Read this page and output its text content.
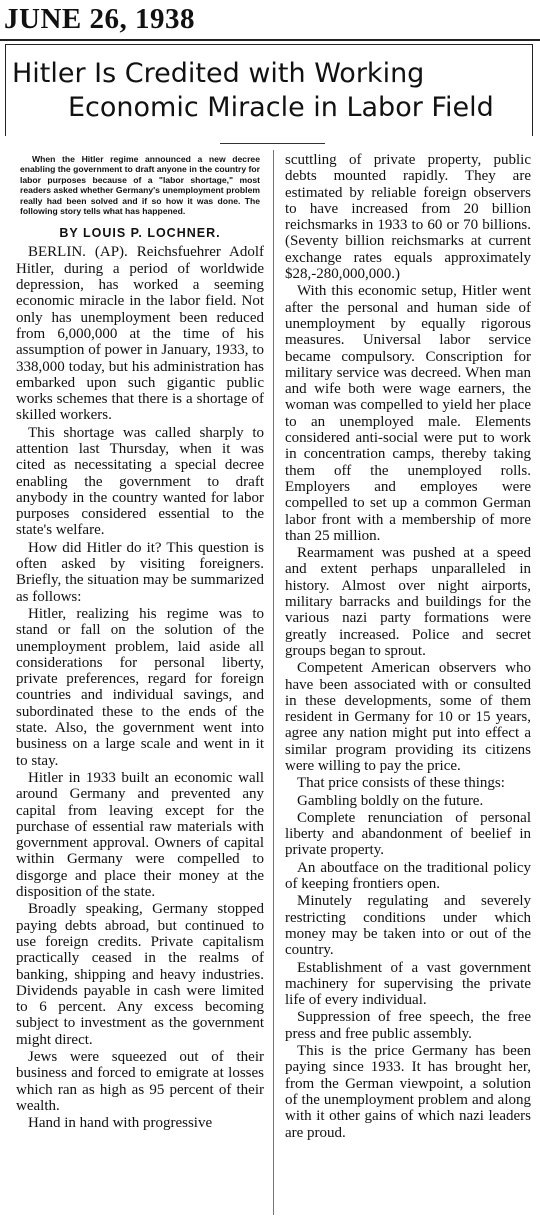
JUNE 26, 1938
Hitler Is Credited with Working
Economic Miracle in Labor Field
When the Hitler regime announced a new decree enabling the government to draft anyone in the country for labor purposes because of a "labor shortage," most readers asked whether Germany's unemployment problem really had been solved and if so how it was done. The following story tells what has happened.
BY LOUIS P. LOCHNER.

BERLIN. (AP). Reichsfuehrer Adolf Hitler, during a period of worldwide depression, has worked a seeming economic miracle in the labor field. Not only has unemployment been reduced from 6,000,000 at the time of his assumption of power in January, 1933, to 338,000 today, but his administration has embarked upon such gigantic public works schemes that there is a shortage of skilled workers.

This shortage was called sharply to attention last Thursday, when it was cited as necessitating a special decree enabling the government to draft anybody in the country wanted for labor purposes considered essential to the state's welfare.

How did Hitler do it? This question is often asked by visiting foreigners. Briefly, the situation may be summarized as follows:

Hitler, realizing his regime was to stand or fall on the solution of the unemployment problem, laid aside all considerations for personal liberty, private preferences, regard for foreign countries and individual savings, and subordinated these to the ends of the state. Also, the government went into business on a large scale and went in it to stay.

Hitler in 1933 built an economic wall around Germany and prevented any capital from leaving except for the purchase of essential raw materials with government approval. Owners of capital within Germany were compelled to disgorge and place their money at the disposition of the state.

Broadly speaking, Germany stopped paying debts abroad, but continued to use foreign credits. Private capitalism practically ceased in the realms of banking, shipping and heavy industries. Dividends payable in cash were limited to 6 percent. Any excess becoming subject to investment as the government might direct.

Jews were squeezed out of their business and forced to emigrate at losses which ran as high as 95 percent of their wealth.

Hand in hand with progressive

scuttling of private property, public debts mounted rapidly. They are estimated by reliable foreign observers to have increased from 20 billion reichsmarks in 1933 to 60 or 70 billions. (Seventy billion reichsmarks at current exchange rates equals approximately $28,-280,000,000.)

With this economic setup, Hitler went after the personal and human side of unemployment by equally rigorous measures. Universal labor service became compulsory. Conscription for military service was decreed. When man and wife both were wage earners, the woman was compelled to yield her place to an unemployed male. Elements considered anti-social were put to work in concentration camps, thereby taking them off the unemployed rolls. Employers and employes were compelled to set up a common German labor front with a membership of more than 25 million.

Rearmament was pushed at a speed and extent perhaps unparalleled in history. Almost over night airports, military barracks and buildings for the various nazi party formations were greatly increased. Police and secret groups began to sprout.

Competent American observers who have been associated with or consulted in these developments, some of them resident in Germany for 10 or 15 years, agree any nation might put into effect a similar program providing its citizens were willing to pay the price.

That price consists of these things:

Gambling boldly on the future.

Complete renunciation of personal liberty and abandonment of beelief in private property.

An aboutface on the traditional policy of keeping frontiers open.

Minutely regulating and severely restricting conditions under which money may be taken into or out of the country.

Establishment of a vast government machinery for supervising the private life of every individual.

Suppression of free speech, the free press and free public assembly.

This is the price Germany has been paying since 1933. It has brought her, from the German viewpoint, a solution of the unemployment problem and along with it other gains of which nazi leaders are proud.
